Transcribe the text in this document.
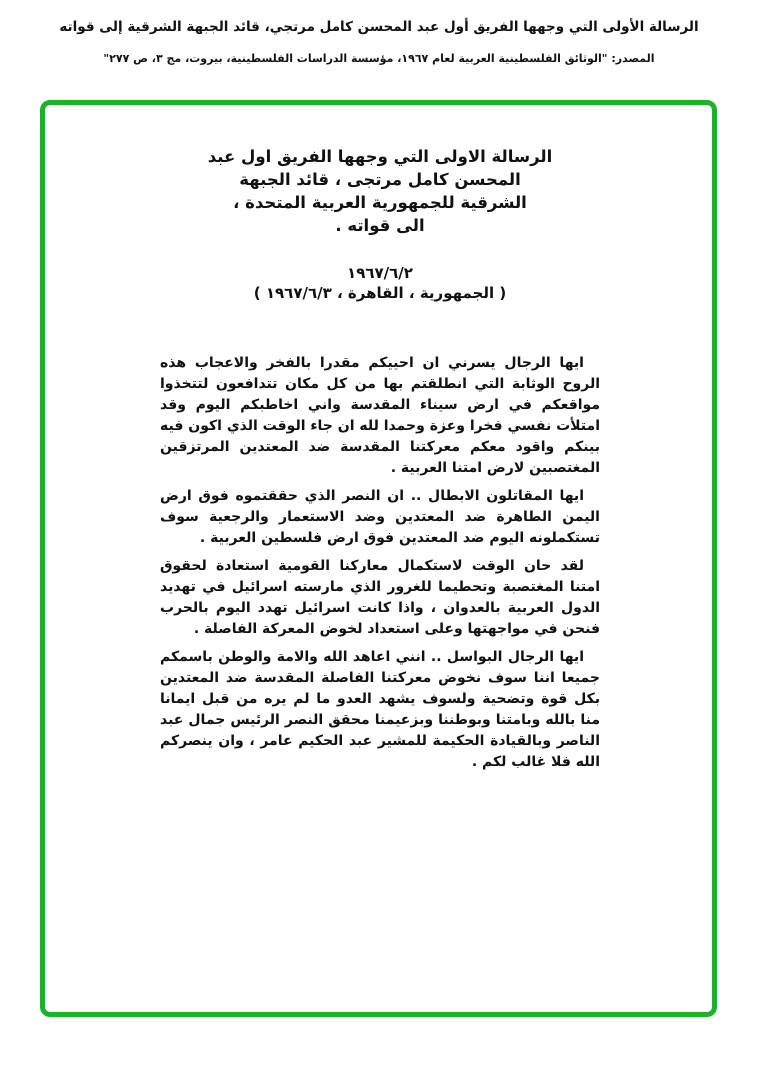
الرسالة الأولى التي وجهها الفريق أول عبد المحسن كامل مرتجي، قائد الجبهة الشرقية إلى قواته
المصدر: "الوثائق الفلسطينية العربية لعام ١٩٦٧، مؤسسة الدراسات الفلسطينية، بيروت، مج ٣، ص ٢٧٧"
الرسالة الاولى التي وجهها الفريق اول عبد
المحسن كامل مرتجى ، قائد الجبهة
الشرقية للجمهورية العربية المتحدة ،
الى قواته .
١٩٦٧/٦/٢
( الجمهورية ، القاهرة ، ١٩٦٧/٦/٣ )

ايها الرجال يسرني ان احييكم مقدرا بالفخر والاعجاب هذه الروح الوثابة التي انطلقتم بها من كل مكان تتدافعون لتتخذوا مواقعكم في ارض سيناء المقدسة واني اخاطبكم اليوم وقد امتلأت نفسي فخرا وعزة وحمدا لله ان جاء الوقت الذي اكون فيه بينكم واقود معكم معركتنا المقدسة ضد المعتدين المرتزقين المغتصبين لارض امتنا العربية .

ايها المقاتلون الابطال .. ان النصر الذي حققتموه فوق ارض اليمن الطاهرة ضد المعتدين وضد الاستعمار والرجعية سوف تستكملونه اليوم ضد المعتدين فوق ارض فلسطين العربية .

لقد حان الوقت لاستكمال معاركنا القومية استعادة لحقوق امتنا المغتصبة وتحطيما للغرور الذي مارسته اسرائيل في تهديد الدول العربية بالعدوان ، واذا كانت اسرائيل تهدد اليوم بالحرب فنحن في مواجهتها وعلى استعداد لخوض المعركة الفاصلة .

ايها الرجال البواسل .. انني اعاهد الله والامة والوطن باسمكم جميعا اننا سوف نخوض معركتنا الفاصلة المقدسة ضد المعتدين بكل قوة وتضحية ولسوف يشهد العدو ما لم يره من قبل ايمانا منا بالله وبامتنا وبوطننا وبزعيمنا محقق النصر الرئيس جمال عبد الناصر وبالقيادة الحكيمة للمشير عبد الحكيم عامر ، وان ينصركم الله فلا غالب لكم .
